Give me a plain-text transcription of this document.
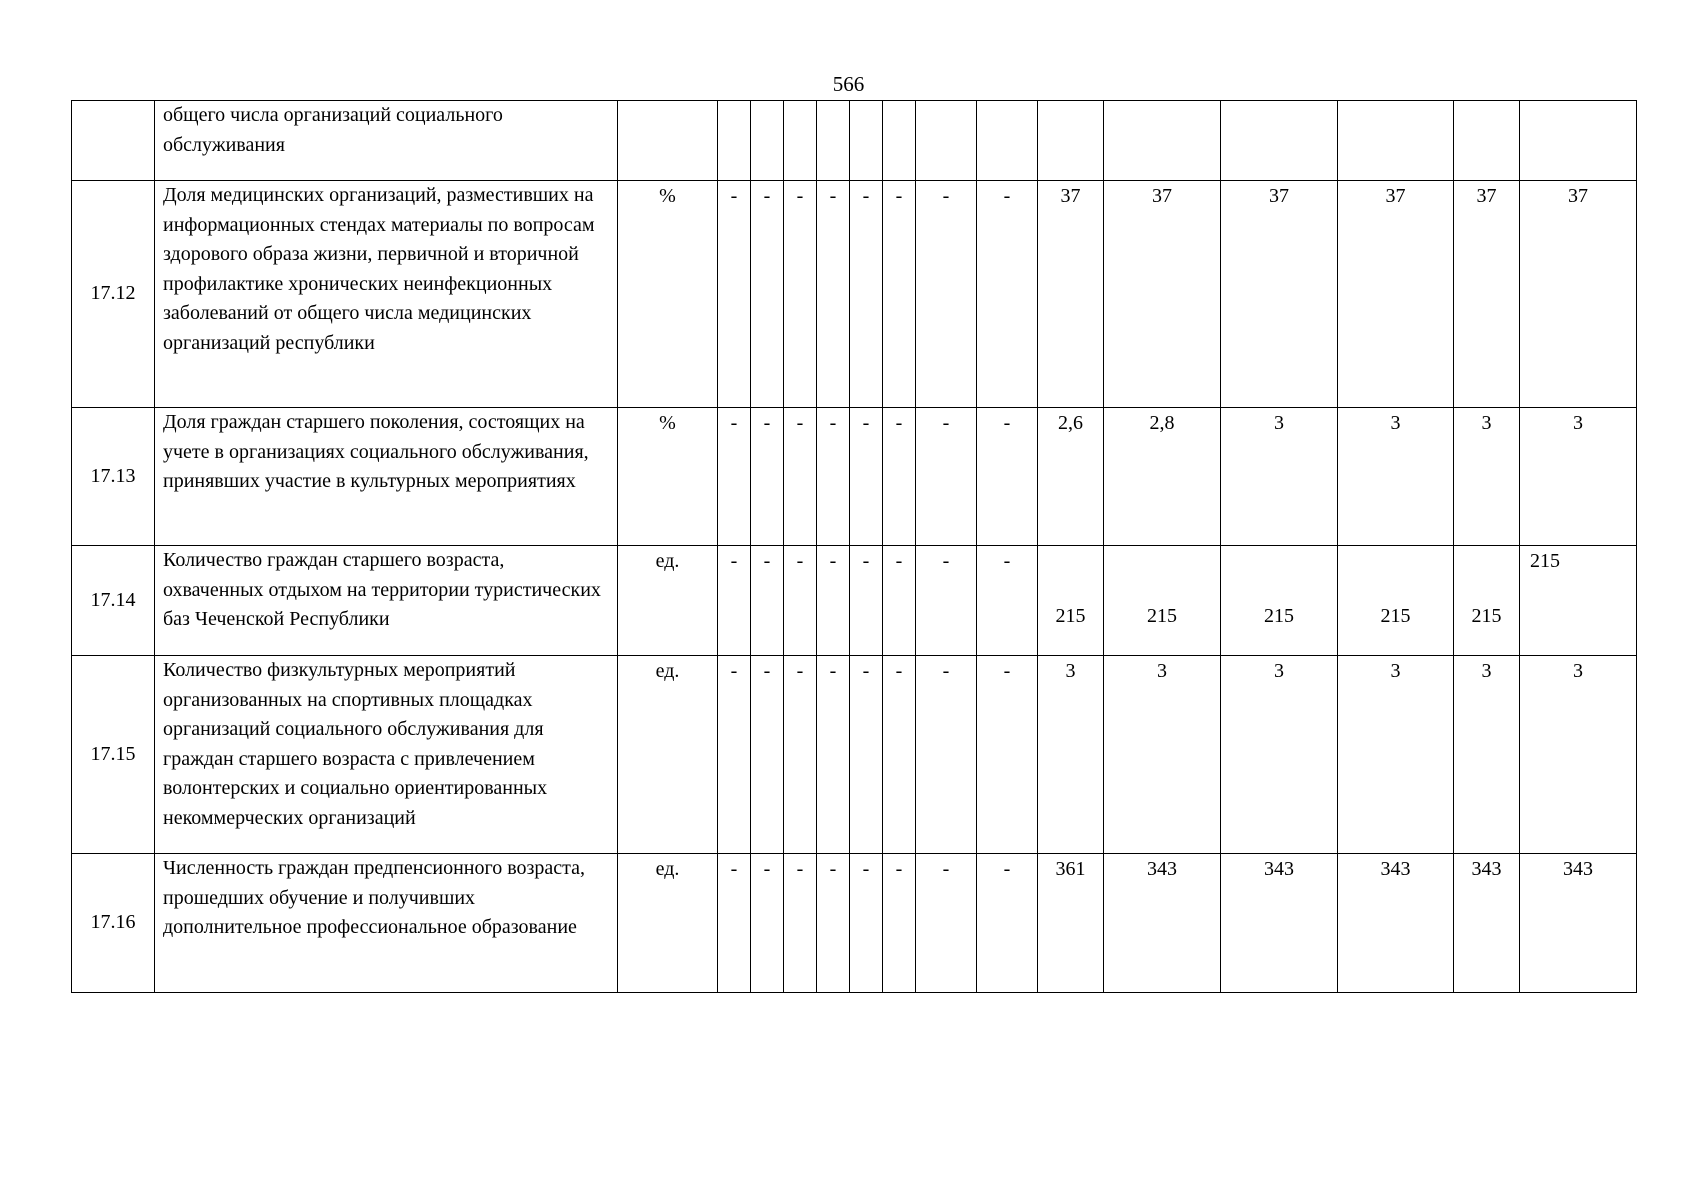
566
	общего числа организаций социального обслуживания															
17.12	Доля медицинских организаций, разместивших на информационных стендах материалы по вопросам здорового образа жизни, первичной и вторичной профилактике хронических неинфекционных заболеваний от общего числа медицинских организаций республики	%	-	-	-	-	-	-	-	-	37	37	37	37	37	37
17.13	Доля граждан старшего поколения, состоящих на учете в организациях социального обслуживания, принявших участие в культурных мероприятиях	%	-	-	-	-	-	-	-	-	2,6	2,8	3	3	3	3
17.14	Количество граждан старшего возраста, охваченных отдыхом на территории туристических баз Чеченской Республики	ед.	-	-	-	-	-	-	-	-	215	215	215	215	215	215
17.15	Количество физкультурных мероприятий организованных на спортивных площадках организаций социального обслуживания для граждан старшего возраста с привлечением волонтерских и социально ориентированных некоммерческих организаций	ед.	-	-	-	-	-	-	-	-	3	3	3	3	3	3
17.16	Численность граждан предпенсионного возраста, прошедших обучение и получивших дополнительное профессиональное образование	ед.	-	-	-	-	-	-	-	-	361	343	343	343	343	343
